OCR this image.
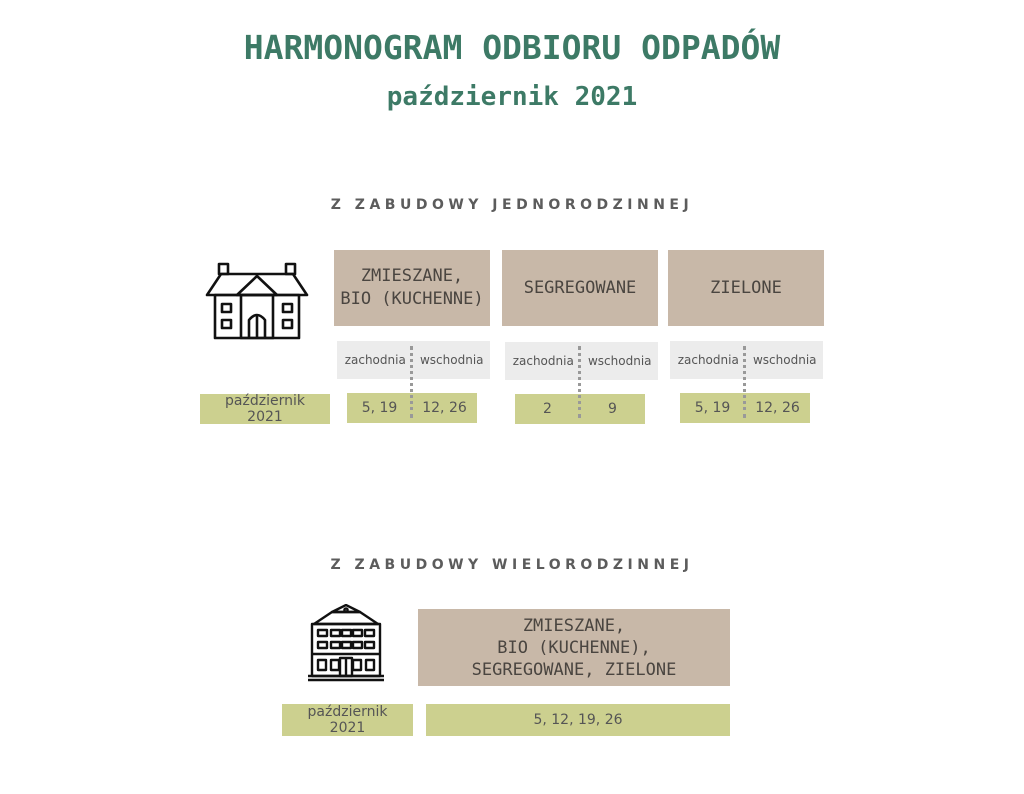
HARMONOGRAM ODBIORU ODPADÓW
październik 2021
Z ZABUDOWY JEDNORODZINNEJ
październik
2021
ZMIESZANE,
BIO (KUCHENNE)
zachodnia	wschodnia
5, 19	12, 26
SEGREGOWANE
zachodnia	wschodnia
2	9
ZIELONE
zachodnia	wschodnia
5, 19	12, 26
Z ZABUDOWY WIELORODZINNEJ
ZMIESZANE,
BIO (KUCHENNE),
SEGREGOWANE, ZIELONE
październik
2021	5, 12, 19, 26
